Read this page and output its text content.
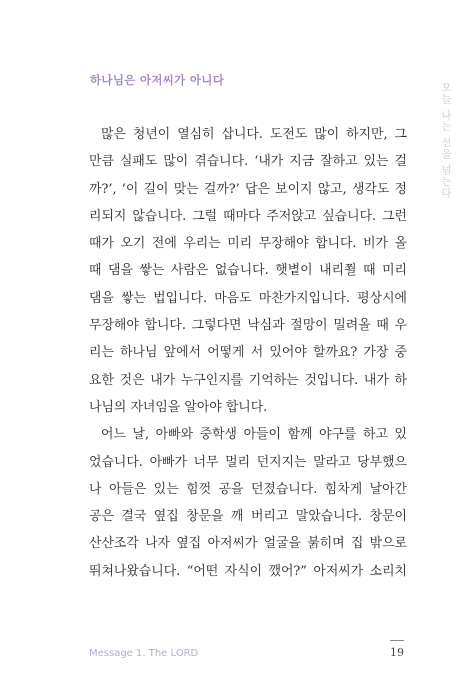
하나님은 아저씨가 아니다
오늘 나는 선을 넘는다
많은 청년이 열심히 삽니다. 도전도 많이 하지만, 그
만큼 실패도 많이 겪습니다. ‘내가 지금 잘하고 있는 걸
까?’, ‘이 길이 맞는 걸까?’ 답은 보이지 않고, 생각도 정
리되지 않습니다. 그럴 때마다 주저앉고 싶습니다. 그런
때가 오기 전에 우리는 미리 무장해야 합니다. 비가 올
때 댐을 쌓는 사람은 없습니다. 햇볕이 내리쬘 때 미리
댐을 쌓는 법입니다. 마음도 마찬가지입니다. 평상시에
무장해야 합니다. 그렇다면 낙심과 절망이 밀려올 때 우
리는 하나님 앞에서 어떻게 서 있어야 할까요? 가장 중
요한 것은 내가 누구인지를 기억하는 것입니다. 내가 하
나님의 자녀임을 알아야 합니다.
어느 날, 아빠와 중학생 아들이 함께 야구를 하고 있
었습니다. 아빠가 너무 멀리 던지지는 말라고 당부했으
나 아들은 있는 힘껏 공을 던졌습니다. 힘차게 날아간
공은 결국 옆집 창문을 깨 버리고 말았습니다. 창문이
산산조각 나자 옆집 아저씨가 얼굴을 붉히며 집 밖으로
뛰쳐나왔습니다. “어떤 자식이 깼어?” 아저씨가 소리치
Message 1. The LORD	19
